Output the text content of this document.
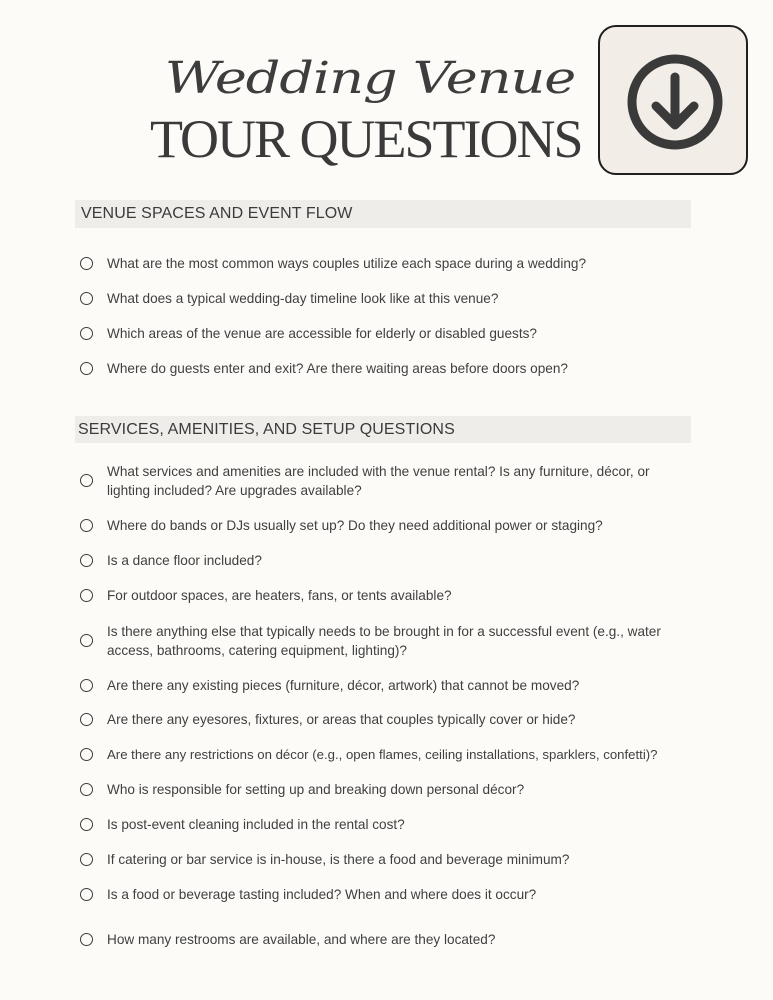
Wedding Venue
TOUR QUESTIONS
VENUE SPACES AND EVENT FLOW
What are the most common ways couples utilize each space during a wedding?
What does a typical wedding-day timeline look like at this venue?
Which areas of the venue are accessible for elderly or disabled guests?
Where do guests enter and exit? Are there waiting areas before doors open?
SERVICES, AMENITIES, AND SETUP QUESTIONS
What services and amenities are included with the venue rental? Is any furniture, décor, or lighting included? Are upgrades available?
Where do bands or DJs usually set up? Do they need additional power or staging?
Is a dance floor included?
For outdoor spaces, are heaters, fans, or tents available?
Is there anything else that typically needs to be brought in for a successful event (e.g., water access, bathrooms, catering equipment, lighting)?
Are there any existing pieces (furniture, décor, artwork) that cannot be moved?
Are there any eyesores, fixtures, or areas that couples typically cover or hide?
Are there any restrictions on décor (e.g., open flames, ceiling installations, sparklers, confetti)?
Who is responsible for setting up and breaking down personal décor?
Is post-event cleaning included in the rental cost?
If catering or bar service is in-house, is there a food and beverage minimum?
Is a food or beverage tasting included? When and where does it occur?
How many restrooms are available, and where are they located?
